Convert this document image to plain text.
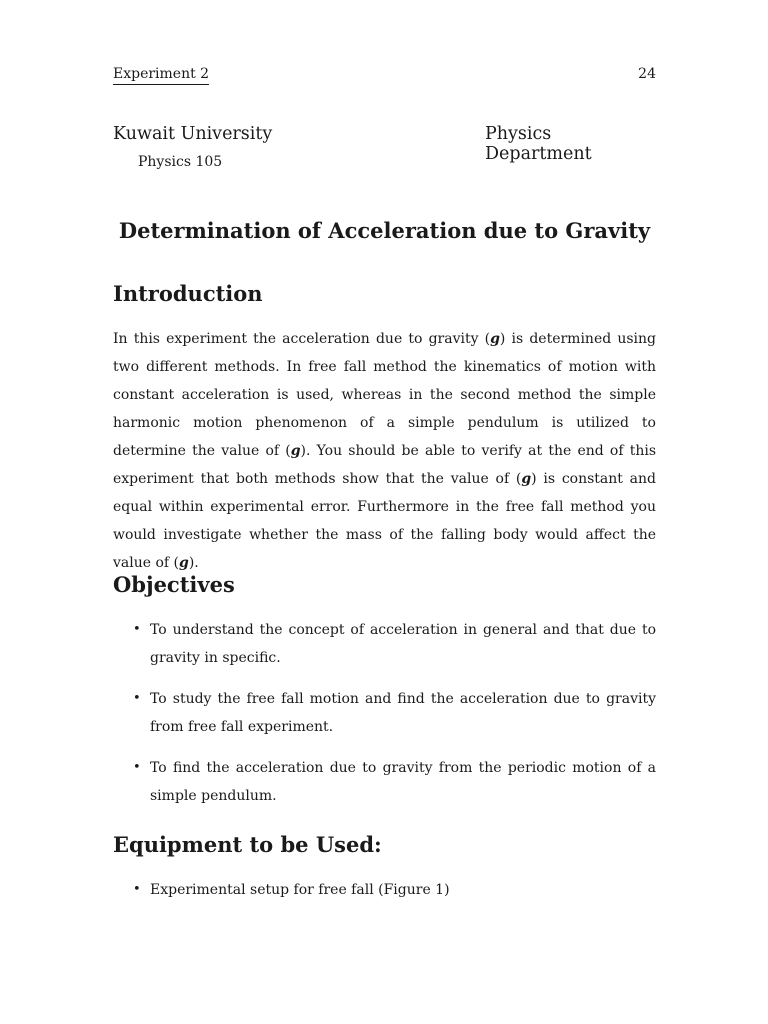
Experiment 2	24
Kuwait University	Physics Department
Physics 105
Determination of Acceleration due to Gravity
Introduction

In this experiment the acceleration due to gravity (g) is determined using two different methods. In free fall method the kinematics of motion with constant acceleration is used, whereas in the second method the simple harmonic motion phenomenon of a simple pendulum is utilized to determine the value of (g). You should be able to verify at the end of this experiment that both methods show that the value of (g) is constant and equal within experimental error. Furthermore in the free fall method you would investigate whether the mass of the falling body would affect the value of (g).

Objectives
• To understand the concept of acceleration in general and that due to gravity in specific.
• To study the free fall motion and find the acceleration due to gravity from free fall experiment.
• To find the acceleration due to gravity from the periodic motion of a simple pendulum.
Equipment to be Used:
• Experimental setup for free fall (Figure 1)
